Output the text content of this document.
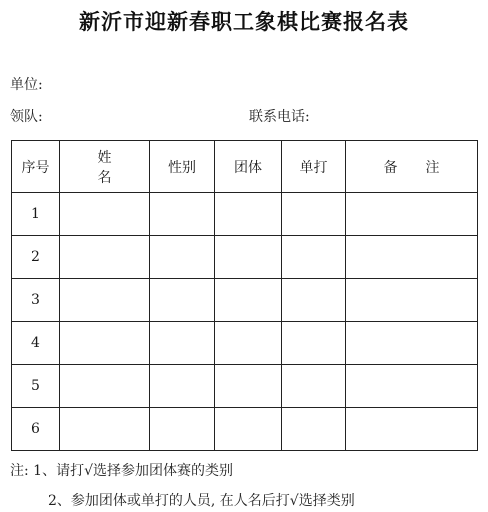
新沂市迎新春职工象棋比赛报名表
单位:
领队:	联系电话:
序号	姓名	性别	团体	单打	备注
1					
2					
3					
4					
5					
6					
注: 1、请打√选择参加团体赛的类别
2、参加团体或单打的人员, 在人名后打√选择类别
